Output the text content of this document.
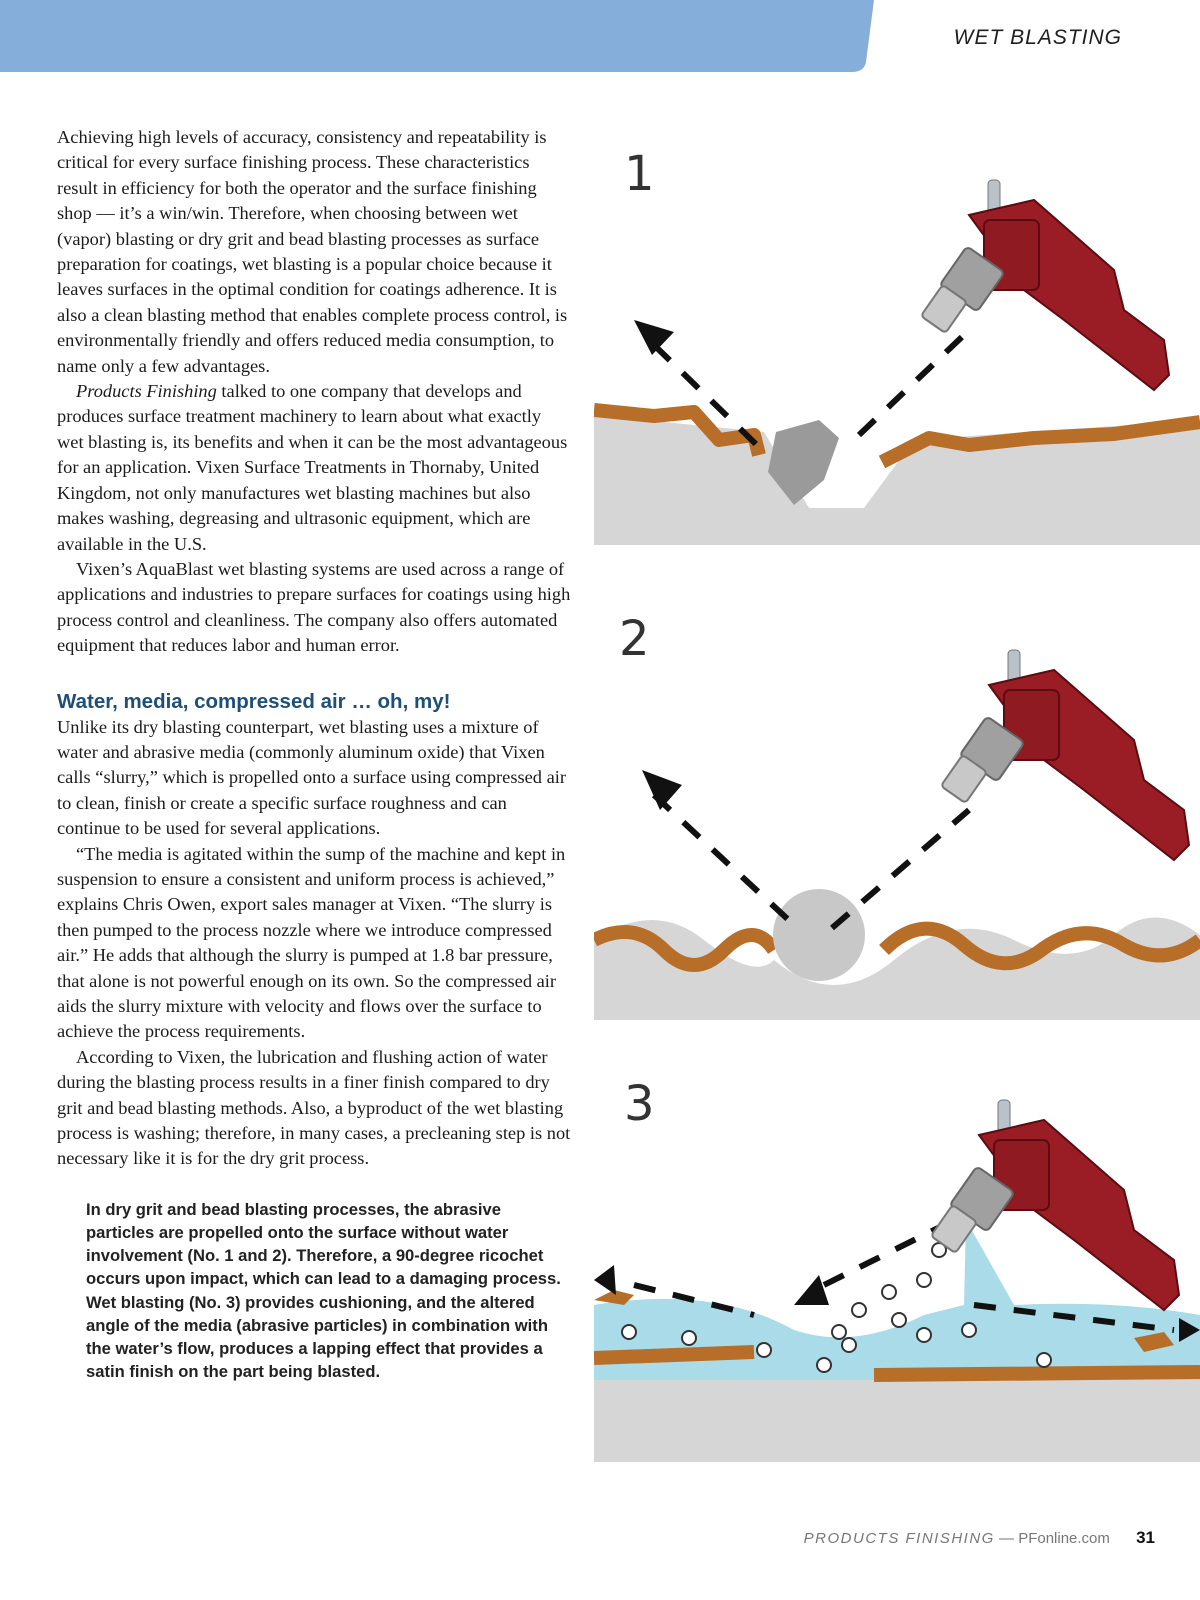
WET BLASTING

Achieving high levels of accuracy, consistency and repeatability is critical for every surface finishing process. These characteristics result in efficiency for both the operator and the surface finishing shop — it’s a win/win. Therefore, when choosing between wet (vapor) blasting or dry grit and bead blasting processes as surface preparation for coatings, wet blasting is a popular choice because it leaves surfaces in the optimal condition for coatings adherence. It is also a clean blasting method that enables complete process control, is environmentally friendly and offers reduced media consumption, to name only a few advantages.

Products Finishing talked to one company that develops and produces surface treatment machinery to learn about what exactly wet blasting is, its benefits and when it can be the most advantageous for an application. Vixen Surface Treatments in Thornaby, United Kingdom, not only manufactures wet blasting machines but also makes washing, degreasing and ultrasonic equipment, which are available in the U.S.

Vixen’s AquaBlast wet blasting systems are used across a range of applications and industries to prepare surfaces for coatings using high process control and cleanliness. The company also offers automated equipment that reduces labor and human error.

Water, media, compressed air … oh, my!

Unlike its dry blasting counterpart, wet blasting uses a mixture of water and abrasive media (commonly aluminum oxide) that Vixen calls “slurry,” which is propelled onto a surface using compressed air to clean, finish or create a specific surface roughness and can continue to be used for several applications.

“The media is agitated within the sump of the machine and kept in suspension to ensure a consistent and uniform process is achieved,” explains Chris Owen, export sales manager at Vixen. “The slurry is then pumped to the process nozzle where we introduce compressed air.” He adds that although the slurry is pumped at 1.8 bar pressure, that alone is not powerful enough on its own. So the compressed air aids the slurry mixture with velocity and flows over the surface to achieve the process requirements.

According to Vixen, the lubrication and flushing action of water during the blasting process results in a finer finish compared to dry grit and bead blasting methods. Also, a byproduct of the wet blasting process is washing; therefore, in many cases, a precleaning step is not necessary like it is for the dry grit process.

In dry grit and bead blasting processes, the abrasive particles are propelled onto the surface without water involvement (No. 1 and 2). Therefore, a 90-degree ricochet occurs upon impact, which can lead to a damaging process. Wet blasting (No. 3) provides cushioning, and the altered angle of the media (abrasive particles) in combination with the water’s flow, produces a lapping effect that provides a satin finish on the part being blasted.
1
2
3
PRODUCTS FINISHING — PFonline.com 31
